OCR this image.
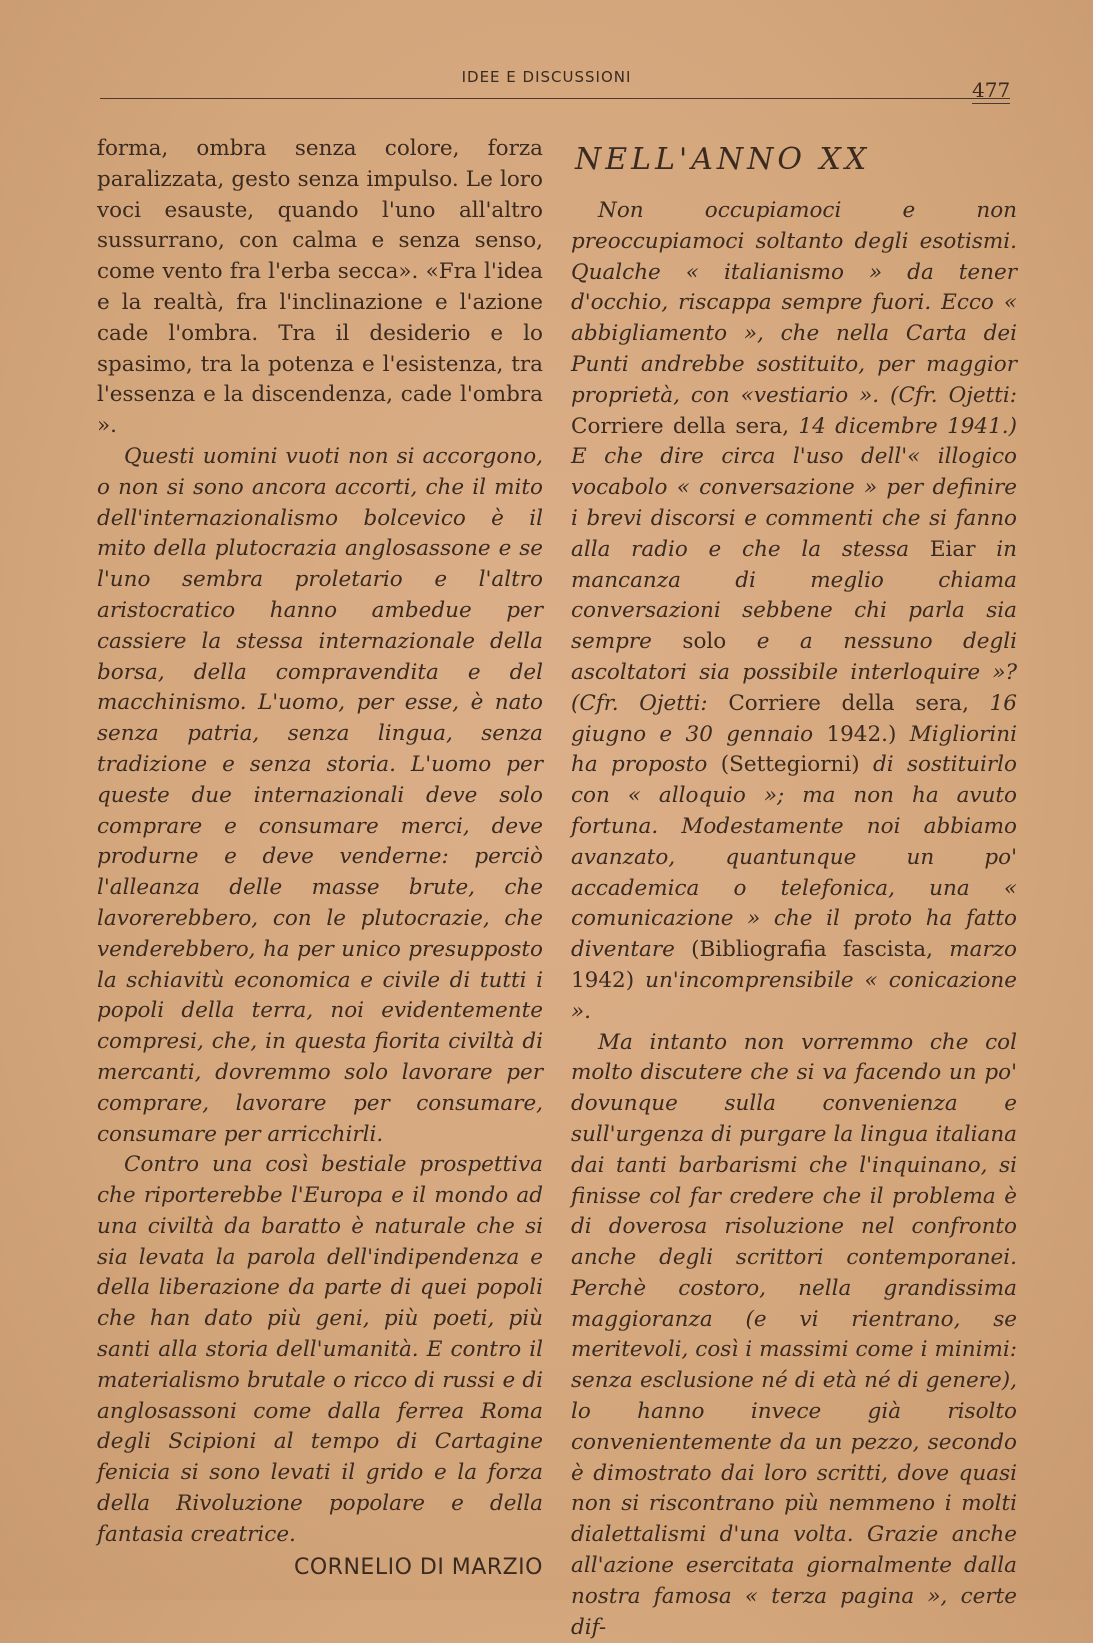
IDEE E DISCUSSIONI
477

forma, ombra senza colore, forza paralizzata, gesto senza impulso. Le loro voci esauste, quando l'uno all'altro sussurrano, con calma e senza senso, come vento fra l'erba secca». «Fra l'idea e la realtà, fra l'inclinazione e l'azione cade l'ombra. Tra il desiderio e lo spasimo, tra la potenza e l'esistenza, tra l'essenza e la discendenza, cade l'ombra ».

Questi uomini vuoti non si accorgono, o non si sono ancora accorti, che il mito dell'internazionalismo bolcevico è il mito della plutocrazia anglosassone e se l'uno sembra proletario e l'altro aristocratico hanno ambedue per cassiere la stessa internazionale della borsa, della compravendita e del macchinismo. L'uomo, per esse, è nato senza patria, senza lingua, senza tradizione e senza storia. L'uomo per queste due internazionali deve solo comprare e consumare merci, deve produrne e deve venderne: perciò l'alleanza delle masse brute, che lavorerebbero, con le plutocrazie, che venderebbero, ha per unico presupposto la schiavitù economica e civile di tutti i popoli della terra, noi evidentemente compresi, che, in questa fiorita civiltà di mercanti, dovremmo solo lavorare per comprare, lavorare per consumare, consumare per arricchirli.

Contro una così bestiale prospettiva che riporterebbe l'Europa e il mondo ad una civiltà da baratto è naturale che si sia levata la parola dell'indipendenza e della liberazione da parte di quei popoli che han dato più geni, più poeti, più santi alla storia dell'umanità. E contro il materialismo brutale o ricco di russi e di anglosassoni come dalla ferrea Roma degli Scipioni al tempo di Cartagine fenicia si sono levati il grido e la forza della Rivoluzione popolare e della fantasia creatrice.

CORNELIO DI MARZIO
NELL'ANNO XX

Non occupiamoci e non preoccupiamoci soltanto degli esotismi. Qualche « italianismo » da tener d'occhio, riscappa sempre fuori. Ecco « abbigliamento », che nella Carta dei Punti andrebbe sostituito, per maggior proprietà, con «vestiario ». (Cfr. Ojetti: Corriere della sera, 14 dicembre 1941.) E che dire circa l'uso dell'« illogico vocabolo « conversazione » per definire i brevi discorsi e commenti che si fanno alla radio e che la stessa Eiar in mancanza di meglio chiama conversazioni sebbene chi parla sia sempre solo e a nessuno degli ascoltatori sia possibile interloquire »? (Cfr. Ojetti: Corriere della sera, 16 giugno e 30 gennaio 1942.) Migliorini ha proposto (Settegiorni) di sostituirlo con « alloquio »; ma non ha avuto fortuna. Modestamente noi abbiamo avanzato, quantunque un po' accademica o telefonica, una « comunicazione » che il proto ha fatto diventare (Bibliografia fascista, marzo 1942) un'incomprensibile « conicazione ».

Ma intanto non vorremmo che col molto discutere che si va facendo un po' dovunque sulla convenienza e sull'urgenza di purgare la lingua italiana dai tanti barbarismi che l'inquinano, si finisse col far credere che il problema è di doverosa risoluzione nel confronto anche degli scrittori contemporanei. Perchè costoro, nella grandissima maggioranza (e vi rientrano, se meritevoli, così i massimi come i minimi: senza esclusione né di età né di genere), lo hanno invece già risolto convenientemente da un pezzo, secondo è dimostrato dai loro scritti, dove quasi non si riscontrano più nemmeno i molti dialettalismi d'una volta. Grazie anche all'azione esercitata giornalmente dalla nostra famosa « terza pagina », certe dif-
